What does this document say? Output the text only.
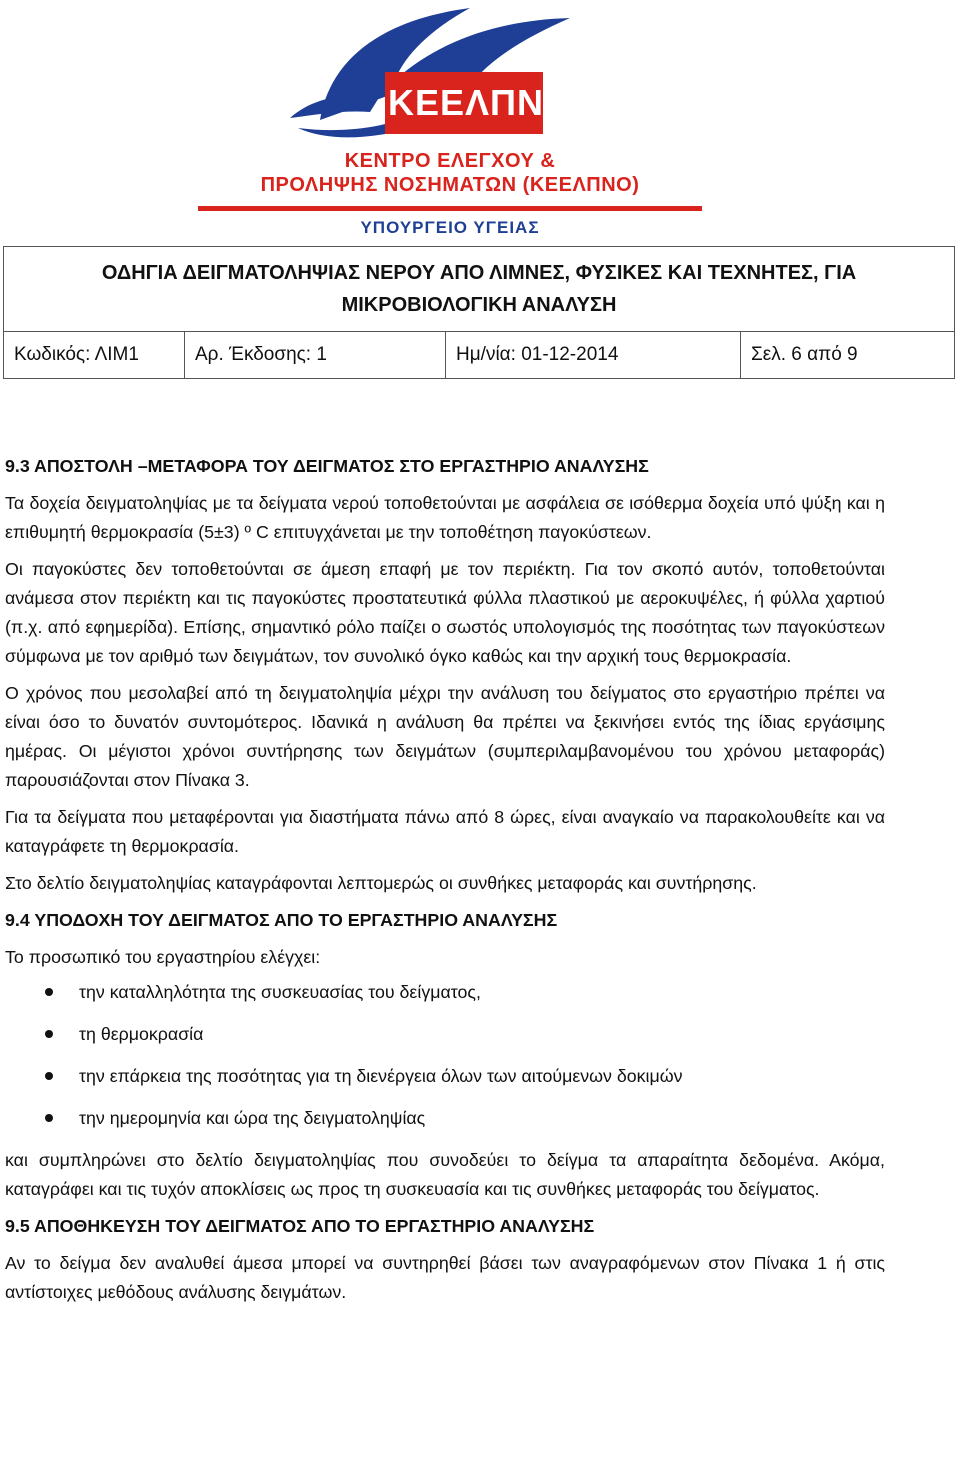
ΚΕΕΛΠΝΟ
ΚΕΝΤΡΟ ΕΛΕΓΧΟΥ &
ΠΡΟΛΗΨΗΣ ΝΟΣΗΜΑΤΩΝ (ΚΕΕΛΠΝΟ)
ΥΠΟΥΡΓΕΙΟ ΥΓΕΙΑΣ
ΟΔΗΓΙΑ ΔΕΙΓΜΑΤΟΛΗΨΙΑΣ ΝΕΡΟΥ ΑΠΟ ΛΙΜΝΕΣ, ΦΥΣΙΚΕΣ ΚΑΙ ΤΕΧΝΗΤΕΣ, ΓΙΑ
ΜΙΚΡΟΒΙΟΛΟΓΙΚΗ ΑΝΑΛΥΣΗ

Κωδικός: ΛΙΜ1	Αρ. Έκδοσης: 1	Ημ/νία: 01-12-2014	Σελ. 6 από 9

9.3 ΑΠΟΣΤΟΛΗ –ΜΕΤΑΦΟΡΑ ΤΟΥ ΔΕΙΓΜΑΤΟΣ ΣΤΟ ΕΡΓΑΣΤΗΡΙΟ ΑΝΑΛΥΣΗΣ

Τα δοχεία δειγματοληψίας με τα δείγματα νερού τοποθετούνται με ασφάλεια σε ισόθερμα δοχεία υπό ψύξη και η επιθυμητή θερμοκρασία (5±3) º C επιτυγχάνεται με την τοποθέτηση παγοκύστεων.

Οι παγοκύστες δεν τοποθετούνται σε άμεση επαφή με τον περιέκτη. Για τον σκοπό αυτόν, τοποθετούνται ανάμεσα στον περιέκτη και τις παγοκύστες προστατευτικά φύλλα πλαστικού με αεροκυψέλες, ή φύλλα χαρτιού (π.χ. από εφημερίδα). Επίσης, σημαντικό ρόλο παίζει ο σωστός υπολογισμός της ποσότητας των παγοκύστεων σύμφωνα με τον αριθμό των δειγμάτων, τον συνολικό όγκο καθώς και την αρχική τους θερμοκρασία.

Ο χρόνος που μεσολαβεί από τη δειγματοληψία μέχρι την ανάλυση του δείγματος στο εργαστήριο πρέπει να είναι όσο το δυνατόν συντομότερος. Ιδανικά η ανάλυση θα πρέπει να ξεκινήσει εντός της ίδιας εργάσιμης ημέρας. Οι μέγιστοι χρόνοι συντήρησης των δειγμάτων (συμπεριλαμβανομένου του χρόνου μεταφοράς) παρουσιάζονται στον Πίνακα 3.

Για τα δείγματα που μεταφέρονται για διαστήματα πάνω από 8 ώρες, είναι αναγκαίο να παρακολουθείτε και να καταγράφετε τη θερμοκρασία.

Στο δελτίο δειγματοληψίας καταγράφονται λεπτομερώς οι συνθήκες μεταφοράς και συντήρησης.

9.4 ΥΠΟΔΟΧΗ ΤΟΥ ΔΕΙΓΜΑΤΟΣ ΑΠΟ ΤΟ ΕΡΓΑΣΤΗΡΙΟ ΑΝΑΛΥΣΗΣ

Το προσωπικό του εργαστηρίου ελέγχει:

την καταλληλότητα της συσκευασίας του δείγματος,
τη θερμοκρασία
την επάρκεια της ποσότητας για τη διενέργεια όλων των αιτούμενων δοκιμών
την ημερομηνία και ώρα της δειγματοληψίας

και συμπληρώνει στο δελτίο δειγματοληψίας που συνοδεύει το δείγμα τα απαραίτητα δεδομένα. Ακόμα, καταγράφει και τις τυχόν αποκλίσεις ως προς τη συσκευασία και τις συνθήκες μεταφοράς του δείγματος.

9.5 ΑΠΟΘΗΚΕΥΣΗ ΤΟΥ ΔΕΙΓΜΑΤΟΣ ΑΠΟ ΤΟ ΕΡΓΑΣΤΗΡΙΟ ΑΝΑΛΥΣΗΣ

Αν το δείγμα δεν αναλυθεί άμεσα μπορεί να συντηρηθεί βάσει των αναγραφόμενων στον Πίνακα 1 ή στις αντίστοιχες μεθόδους ανάλυσης δειγμάτων.
